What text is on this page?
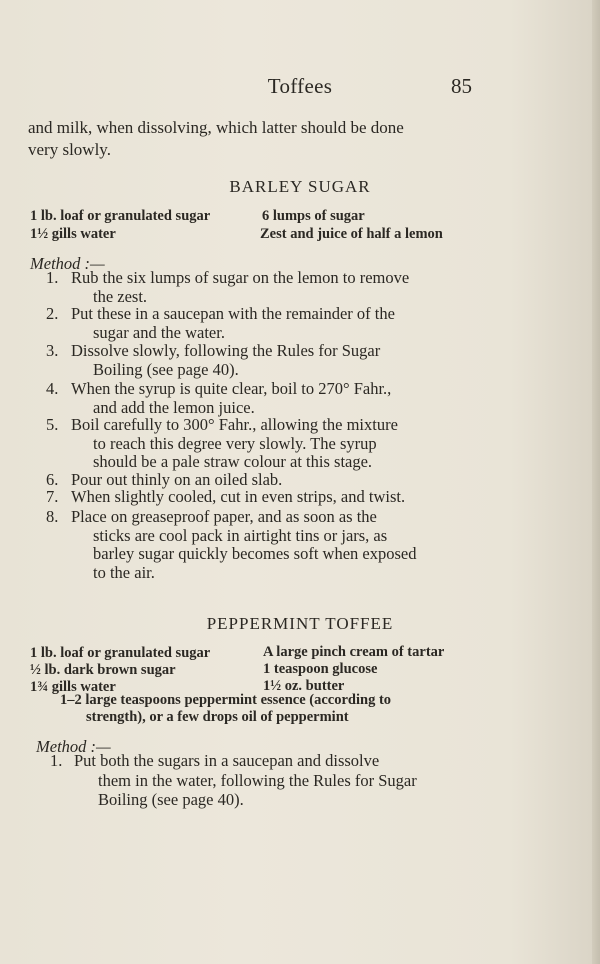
Toffees	85
and milk, when dissolving, which latter should be done
very slowly.
BARLEY SUGAR
1 lb. loaf or granulated sugar
1½ gills water
6 lumps of sugar
Zest and juice of half a lemon
Method :—
1. Rub the six lumps of sugar on the lemon to remove
the zest.
2. Put these in a saucepan with the remainder of the
sugar and the water.
3. Dissolve slowly, following the Rules for Sugar
Boiling (see page 40).
4. When the syrup is quite clear, boil to 270° Fahr.,
and add the lemon juice.
5. Boil carefully to 300° Fahr., allowing the mixture
to reach this degree very slowly. The syrup
should be a pale straw colour at this stage.
6. Pour out thinly on an oiled slab.
7. When slightly cooled, cut in even strips, and twist.
8. Place on greaseproof paper, and as soon as the
sticks are cool pack in airtight tins or jars, as
barley sugar quickly becomes soft when exposed
to the air.
PEPPERMINT TOFFEE
1 lb. loaf or granulated sugar
½ lb. dark brown sugar
1¾ gills water
A large pinch cream of tartar
1 teaspoon glucose
1½ oz. butter
1–2 large teaspoons peppermint essence (according to
strength), or a few drops oil of peppermint
Method :—
1. Put both the sugars in a saucepan and dissolve
them in the water, following the Rules for Sugar
Boiling (see page 40).
